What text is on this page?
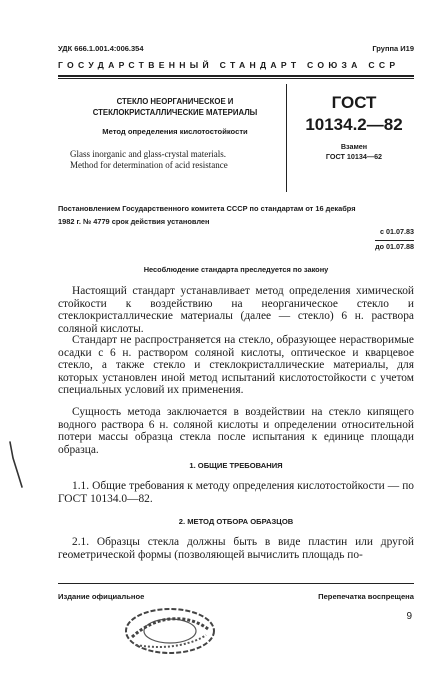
УДК 666.1.001.4:006.354	Группа И19
ГОСУДАРСТВЕННЫЙ СТАНДАРТ СОЮЗА ССР
СТЕКЛО НЕОРГАНИЧЕСКОЕ И
СТЕКЛОКРИСТАЛЛИЧЕСКИЕ МАТЕРИАЛЫ
Метод определения кислотостойкости
Glass inorganic and glass-crystal materials.
Method for determination of acid resistance
ГОСТ
10134.2—82
Взамен
ГОСТ 10134—62
Постановлением Государственного комитета СССР по стандартам от 16 декабря
1982 г. № 4779 срок действия установлен
с 01.07.83
до 01.07.88
Несоблюдение стандарта преследуется по закону

Настоящий стандарт устанавливает метод определения химической стойкости к воздействию на неорганическое стекло и стеклокристаллические материалы (далее — стекло) 6 н. раствора соляной кислоты.

Стандарт не распространяется на стекло, образующее нерастворимые осадки с 6 н. раствором соляной кислоты, оптическое и кварцевое стекло, а также стекло и стеклокристаллические материалы, для которых установлен иной метод испытаний кислотостойкости с учетом специальных условий их применения.

Сущность метода заключается в воздействии на стекло кипящего водного раствора 6 н. соляной кислоты и определении относительной потери массы образца стекла после испытания к единице площади образца.

1. ОБЩИЕ ТРЕБОВАНИЯ

1.1. Общие требования к методу определения кислотостойкости — по ГОСТ 10134.0—82.

2. МЕТОД ОТБОРА ОБРАЗЦОВ

2.1. Образцы стекла должны быть в виде пластин или другой геометрической формы (позволяющей вычислить площадь по-

Издание официальное	Перепечатка воспрещена
9
